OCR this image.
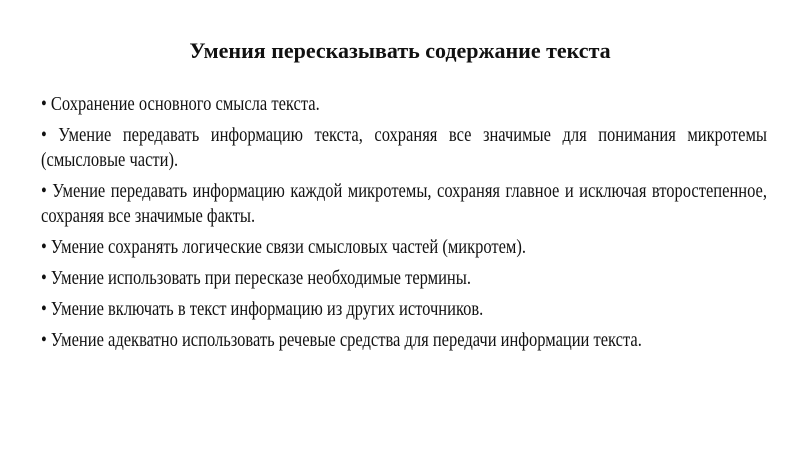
Умения пересказывать содержание текста

• Сохранение основного смысла текста.

• Умение передавать информацию текста, сохраняя все значимые для понимания микротемы (смысловые части).

• Умение передавать информацию каждой микротемы, сохраняя главное и исключая второстепенное, сохраняя все значимые факты.

• Умение сохранять логические связи смысловых частей (микротем).

• Умение использовать при пересказе необходимые термины.

• Умение включать в текст информацию из других источников.

• Умение адекватно использовать речевые средства для передачи информации текста.
